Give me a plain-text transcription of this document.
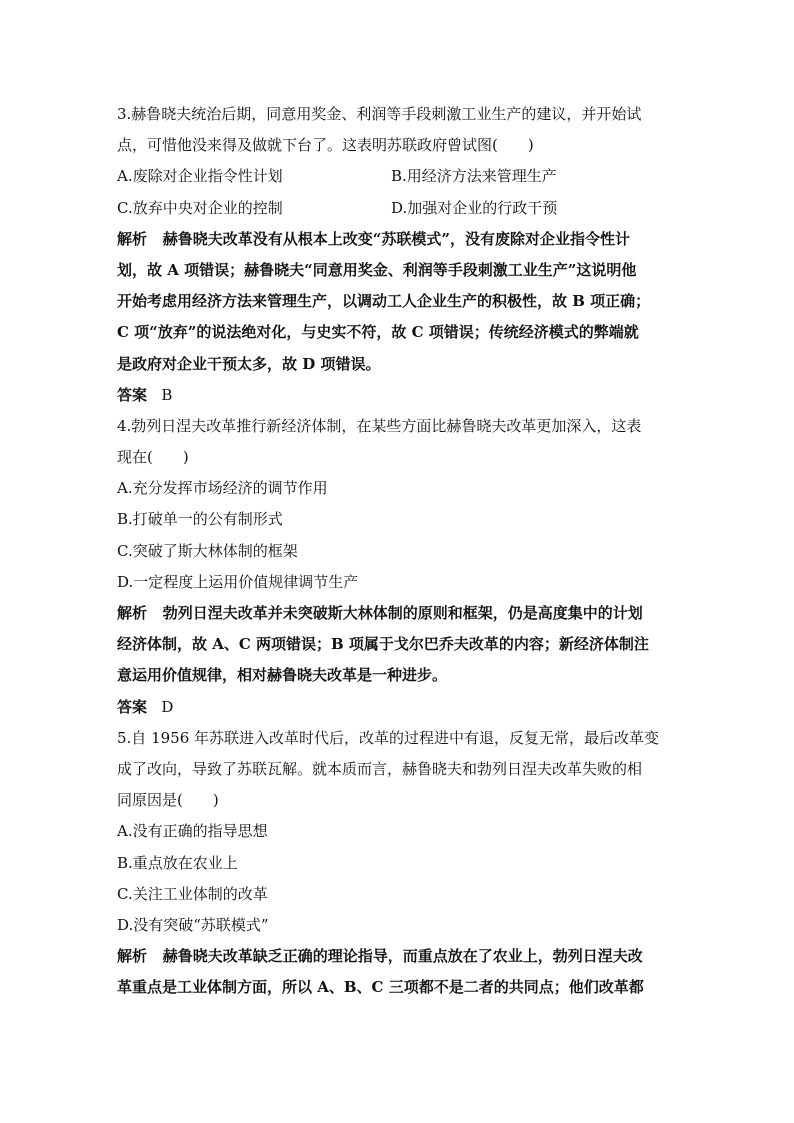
3.赫鲁晓夫统治后期，同意用奖金、利润等手段刺激工业生产的建议，并开始试
点，可惜他没来得及做就下台了。这表明苏联政府曾试图(　　)
A.废除对企业指令性计划	B.用经济方法来管理生产
C.放弃中央对企业的控制	D.加强对企业的行政干预
解析 赫鲁晓夫改革没有从根本上改变“苏联模式”，没有废除对企业指令性计
划，故 A 项错误；赫鲁晓夫“同意用奖金、利润等手段刺激工业生产”这说明他
开始考虑用经济方法来管理生产，以调动工人企业生产的积极性，故 B 项正确；
C 项“放弃”的说法绝对化，与史实不符，故 C 项错误；传统经济模式的弊端就
是政府对企业干预太多，故 D 项错误。
答案 B
4.勃列日涅夫改革推行新经济体制，在某些方面比赫鲁晓夫改革更加深入，这表
现在(　　)
A.充分发挥市场经济的调节作用
B.打破单一的公有制形式
C.突破了斯大林体制的框架
D.一定程度上运用价值规律调节生产
解析 勃列日涅夫改革并未突破斯大林体制的原则和框架，仍是高度集中的计划
经济体制，故 A、C 两项错误；B 项属于戈尔巴乔夫改革的内容；新经济体制注
意运用价值规律，相对赫鲁晓夫改革是一种进步。
答案 D
5.自 1956 年苏联进入改革时代后，改革的过程进中有退，反复无常，最后改革变
成了改向，导致了苏联瓦解。就本质而言，赫鲁晓夫和勃列日涅夫改革失败的相
同原因是(　　)
A.没有正确的指导思想
B.重点放在农业上
C.关注工业体制的改革
D.没有突破“苏联模式”
解析 赫鲁晓夫改革缺乏正确的理论指导，而重点放在了农业上，勃列日涅夫改
革重点是工业体制方面，所以 A、B、C 三项都不是二者的共同点；他们改革都
